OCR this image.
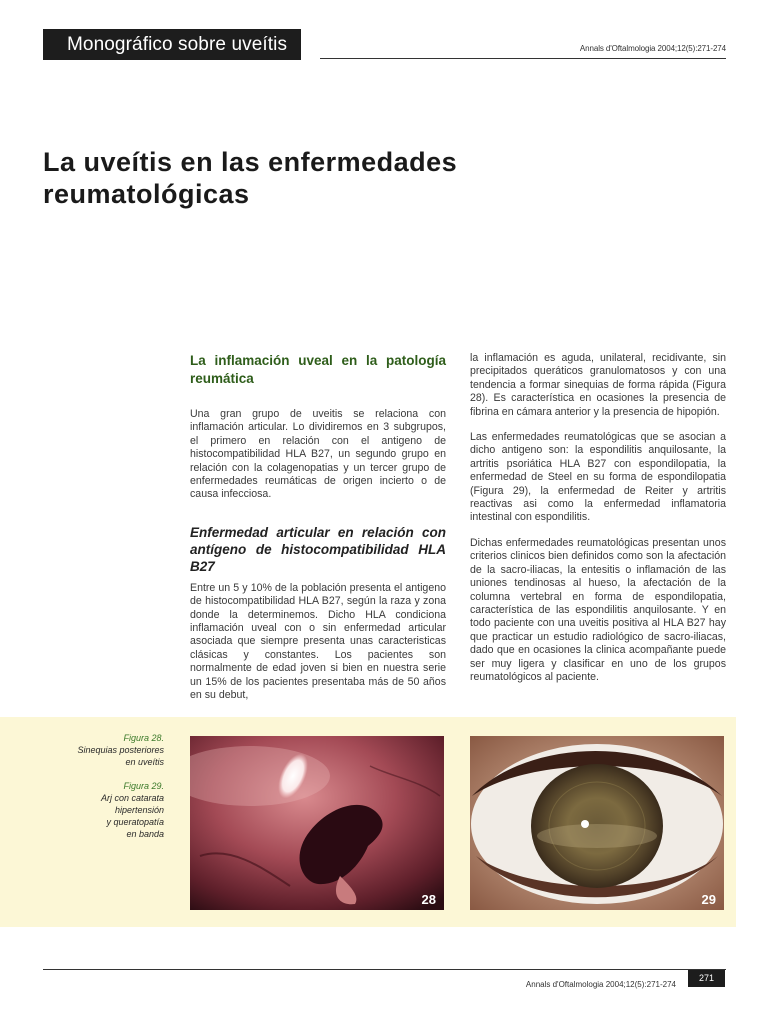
Monográfico sobre uveítis	Annals d'Oftalmologia 2004;12(5):271-274
La uveítis en las enfermedades reumatológicas
La inflamación uveal en la patología reumática

Una gran grupo de uveitis se relaciona con inflamación articular. Lo dividiremos en 3 subgrupos, el primero en relación con el antigeno de histocompatibilidad HLA B27, un segundo grupo en relación con la colagenopatias y un tercer grupo de enfermedades reumáticas de origen incierto o de causa infecciosa.

Enfermedad articular en relación con antígeno de histocompatibilidad HLA B27

Entre un 5 y 10% de la población presenta el antigeno de histocompatibilidad HLA B27, según la raza y zona donde la determinemos. Dicho HLA condiciona inflamación uveal con o sin enfermedad articular asociada que siempre presenta unas caracteristicas clásicas y constantes. Los pacientes son normalmente de edad joven si bien en nuestra serie un 15% de los pacientes presentaba más de 50 años en su debut,

la inflamación es aguda, unilateral, recidivante, sin precipitados queráticos granulomatosos y con una tendencia a formar sinequias de forma rápida (Figura 28). Es característica en ocasiones la presencia de fibrina en cámara anterior y la presencia de hipopión.

Las enfermedades reumatológicas que se asocian a dicho antigeno son: la espondilitis anquilosante, la artritis psoriática HLA B27 con espondilopatia, la enfermedad de Steel en su forma de espondilopatia (Figura 29), la enfermedad de Reiter y artritis reactivas asi como la enfermedad inflamatoria intestinal con espondilitis.

Dichas enfermedades reumatológicas presentan unos criterios clinicos bien definidos como son la afectación de la sacro-iliacas, la entesitis o inflamación de las uniones tendinosas al hueso, la afectación de la columna vertebral en forma de espondilopatia, característica de las espondilitis anquilosante. Y en todo paciente con una uveitis positiva al HLA B27 hay que practicar un estudio radiológico de sacro-iliacas, dado que en ocasiones la clinica acompañante puede ser muy ligera y clasificar en uno de los grupos reumatológicos al paciente.

Figura 28.
Sinequias posteriores
en uveítis
Figura 29.
Arj con catarata
hipertensión
y queratopatía
en banda
28	29
Annals d'Oftalmologia 2004;12(5):271-274
271
